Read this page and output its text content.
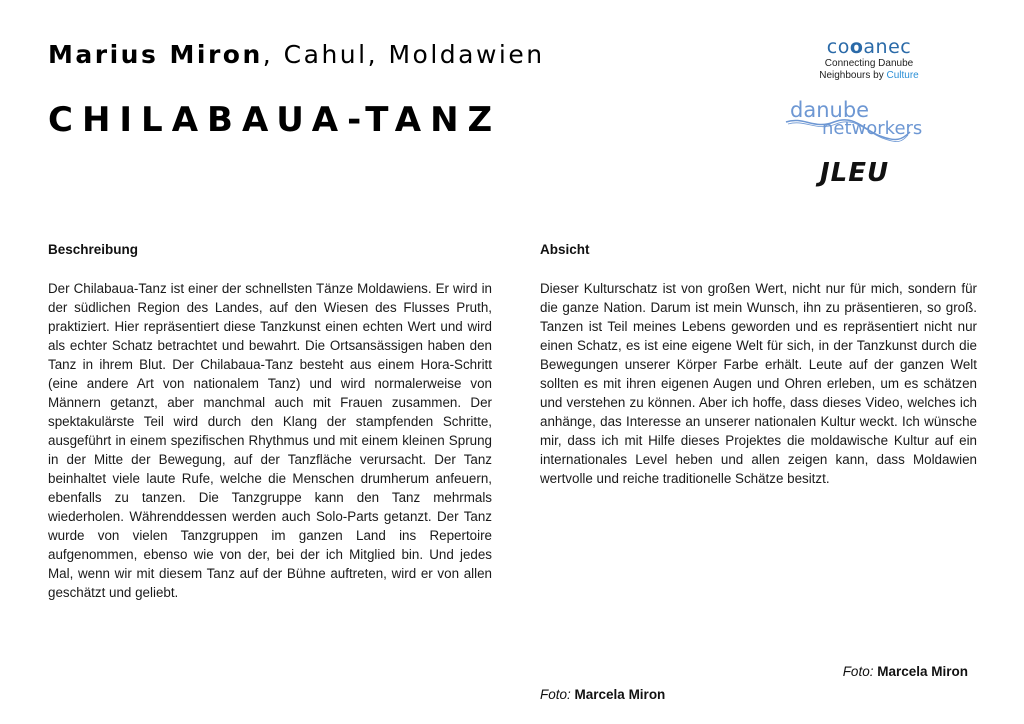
Marius Miron, Cahul, Moldawien
CHILABAUA-TANZ
cooanec
Connecting Danube
Neighbours by Culture
danube
networkers
JLEU
Beschreibung

Der Chilabaua-Tanz ist einer der schnellsten Tänze Moldawiens. Er wird in der südlichen Region des Landes, auf den Wiesen des Flusses Pruth, praktiziert. Hier repräsentiert diese Tanzkunst einen echten Wert und wird als echter Schatz betrachtet und bewahrt. Die Ortsansässigen haben den Tanz in ihrem Blut. Der Chilabaua-Tanz besteht aus einem Hora-Schritt (eine andere Art von nationalem Tanz) und wird normalerweise von Männern getanzt, aber manchmal auch mit Frauen zusammen. Der spektakulärste Teil wird durch den Klang der stampfenden Schritte, ausgeführt in einem spezifischen Rhythmus und mit einem kleinen Sprung in der Mitte der Bewegung, auf der Tanzfläche verursacht. Der Tanz beinhaltet viele laute Rufe, welche die Menschen drumherum anfeuern, ebenfalls zu tanzen. Die Tanzgruppe kann den Tanz mehrmals wiederholen. Währenddessen werden auch Solo-Parts getanzt. Der Tanz wurde von vielen Tanzgruppen im ganzen Land ins Repertoire aufgenommen, ebenso wie von der, bei der ich Mitglied bin. Und jedes Mal, wenn wir mit diesem Tanz auf der Bühne auftreten, wird er von allen geschätzt und geliebt.

Absicht

Dieser Kulturschatz ist von großen Wert, nicht nur für mich, sondern für die ganze Nation. Darum ist mein Wunsch, ihn zu präsentieren, so groß. Tanzen ist Teil meines Lebens geworden und es repräsentiert nicht nur einen Schatz, es ist eine eigene Welt für sich, in der Tanzkunst durch die Bewegungen unserer Körper Farbe erhält. Leute auf der ganzen Welt sollten es mit ihren eigenen Augen und Ohren erleben, um es schätzen und verstehen zu können. Aber ich hoffe, dass dieses Video, welches ich anhänge, das Interesse an unserer nationalen Kultur weckt. Ich wünsche mir, dass ich mit Hilfe dieses Projektes die moldawische Kultur auf ein internationales Level heben und allen zeigen kann, dass Moldawien wertvolle und reiche traditionelle Schätze besitzt.

Foto: Marcela Miron
Foto: Marcela Miron
